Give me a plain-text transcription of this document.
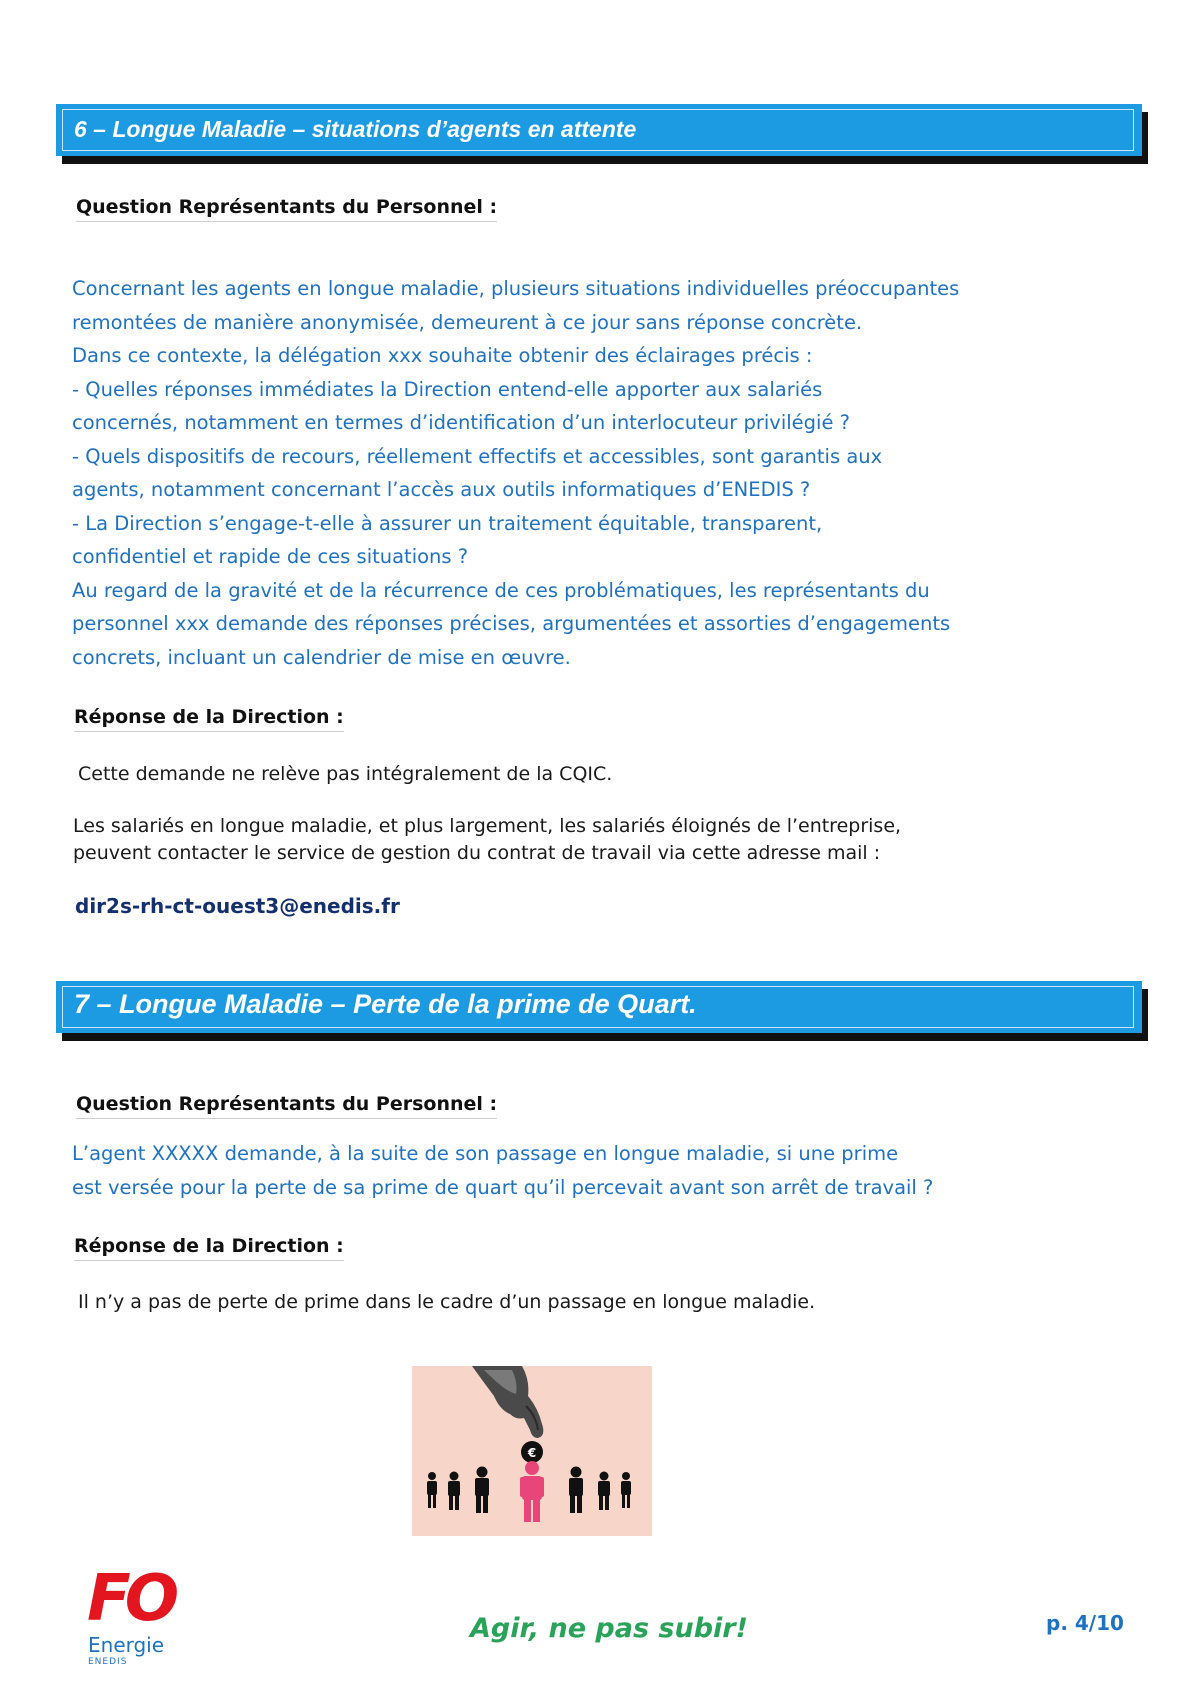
6 – Longue Maladie – situations d’agents en attente
Question Représentants du Personnel :

Concernant les agents en longue maladie, plusieurs situations individuelles préoccupantes

remontées de manière anonymisée, demeurent à ce jour sans réponse concrète.

Dans ce contexte, la délégation xxx souhaite obtenir des éclairages précis :

- Quelles réponses immédiates la Direction entend-elle apporter aux salariés

concernés, notamment en termes d’identification d’un interlocuteur privilégié ?

- Quels dispositifs de recours, réellement effectifs et accessibles, sont garantis aux

agents, notamment concernant l’accès aux outils informatiques d’ENEDIS ?

- La Direction s’engage-t-elle à assurer un traitement équitable, transparent,

confidentiel et rapide de ces situations ?

Au regard de la gravité et de la récurrence de ces problématiques, les représentants du

personnel xxx demande des réponses précises, argumentées et assorties d’engagements

concrets, incluant un calendrier de mise en œuvre.

Réponse de la Direction :
Cette demande ne relève pas intégralement de la CQIC.
Les salariés en longue maladie, et plus largement, les salariés éloignés de l’entreprise,
peuvent contacter le service de gestion du contrat de travail via cette adresse mail :
dir2s-rh-ct-ouest3@enedis.fr
7 – Longue Maladie – Perte de la prime de Quart.
Question Représentants du Personnel :

L’agent XXXXX demande, à la suite de son passage en longue maladie, si une prime

est versée pour la perte de sa prime de quart qu’il percevait avant son arrêt de travail ?

Réponse de la Direction :
Il n’y a pas de perte de prime dans le cadre d’un passage en longue maladie.
€
FO
Energie
ENEDIS
Agir, ne pas subir!	p. 4/10
